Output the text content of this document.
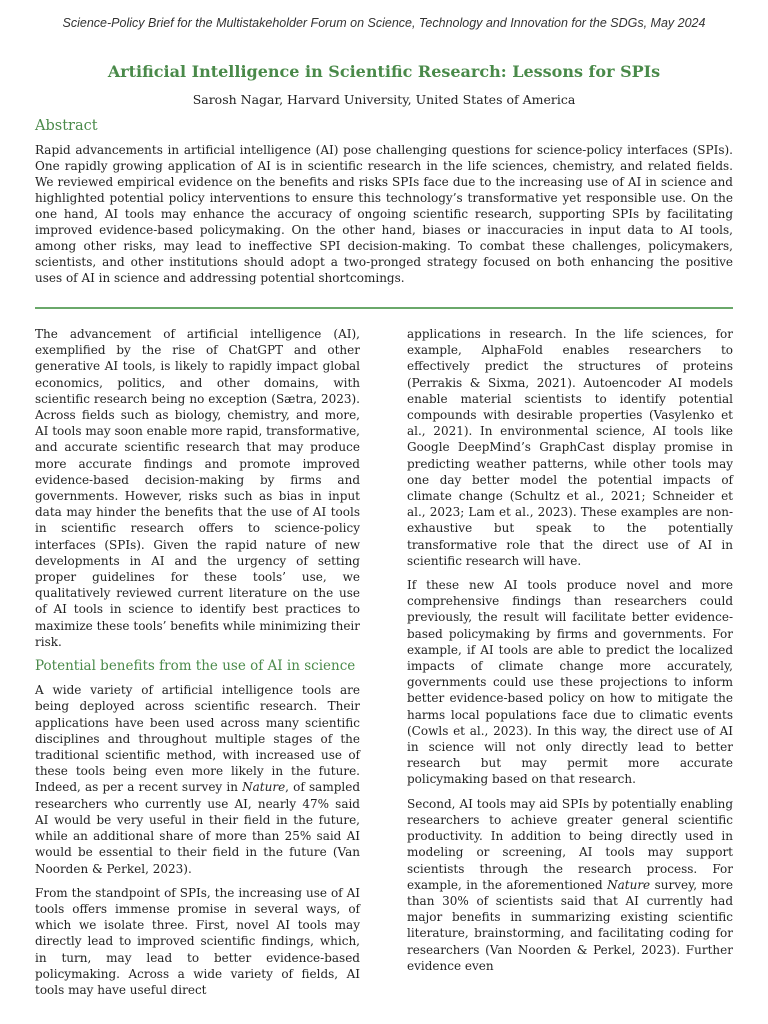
Science-Policy Brief for the Multistakeholder Forum on Science, Technology and Innovation for the SDGs, May 2024
Artificial Intelligence in Scientific Research: Lessons for SPIs
Sarosh Nagar, Harvard University, United States of America
Abstract
Rapid advancements in artificial intelligence (AI) pose challenging questions for science-policy interfaces (SPIs). One rapidly growing application of AI is in scientific research in the life sciences, chemistry, and related fields. We reviewed empirical evidence on the benefits and risks SPIs face due to the increasing use of AI in science and highlighted potential policy interventions to ensure this technology’s transformative yet responsible use. On the one hand, AI tools may enhance the accuracy of ongoing scientific research, supporting SPIs by facilitating improved evidence-based policymaking. On the other hand, biases or inaccuracies in input data to AI tools, among other risks, may lead to ineffective SPI decision-making. To combat these challenges, policymakers, scientists, and other institutions should adopt a two-pronged strategy focused on both enhancing the positive uses of AI in science and addressing potential shortcomings.

The advancement of artificial intelligence (AI), exemplified by the rise of ChatGPT and other generative AI tools, is likely to rapidly impact global economics, politics, and other domains, with scientific research being no exception (Sætra, 2023). Across fields such as biology, chemistry, and more, AI tools may soon enable more rapid, transformative, and accurate scientific research that may produce more accurate findings and promote improved evidence-based decision-making by firms and governments. However, risks such as bias in input data may hinder the benefits that the use of AI tools in scientific research offers to science-policy interfaces (SPIs). Given the rapid nature of new developments in AI and the urgency of setting proper guidelines for these tools’ use, we qualitatively reviewed current literature on the use of AI tools in science to identify best practices to maximize these tools’ benefits while minimizing their risk.

Potential benefits from the use of AI in science

A wide variety of artificial intelligence tools are being deployed across scientific research. Their applications have been used across many scientific disciplines and throughout multiple stages of the traditional scientific method, with increased use of these tools being even more likely in the future. Indeed, as per a recent survey in Nature, of sampled researchers who currently use AI, nearly 47% said AI would be very useful in their field in the future, while an additional share of more than 25% said AI would be essential to their field in the future (Van Noorden & Perkel, 2023).

From the standpoint of SPIs, the increasing use of AI tools offers immense promise in several ways, of which we isolate three. First, novel AI tools may directly lead to improved scientific findings, which, in turn, may lead to better evidence-based policymaking. Across a wide variety of fields, AI tools may have useful direct

applications in research. In the life sciences, for example, AlphaFold enables researchers to effectively predict the structures of proteins (Perrakis & Sixma, 2021). Autoencoder AI models enable material scientists to identify potential compounds with desirable properties (Vasylenko et al., 2021). In environmental science, AI tools like Google DeepMind’s GraphCast display promise in predicting weather patterns, while other tools may one day better model the potential impacts of climate change (Schultz et al., 2021; Schneider et al., 2023; Lam et al., 2023). These examples are non-exhaustive but speak to the potentially transformative role that the direct use of AI in scientific research will have.

If these new AI tools produce novel and more comprehensive findings than researchers could previously, the result will facilitate better evidence-based policymaking by firms and governments. For example, if AI tools are able to predict the localized impacts of climate change more accurately, governments could use these projections to inform better evidence-based policy on how to mitigate the harms local populations face due to climatic events (Cowls et al., 2023). In this way, the direct use of AI in science will not only directly lead to better research but may permit more accurate policymaking based on that research.

Second, AI tools may aid SPIs by potentially enabling researchers to achieve greater general scientific productivity. In addition to being directly used in modeling or screening, AI tools may support scientists through the research process. For example, in the aforementioned Nature survey, more than 30% of scientists said that AI currently had major benefits in summarizing existing scientific literature, brainstorming, and facilitating coding for researchers (Van Noorden & Perkel, 2023). Further evidence even
